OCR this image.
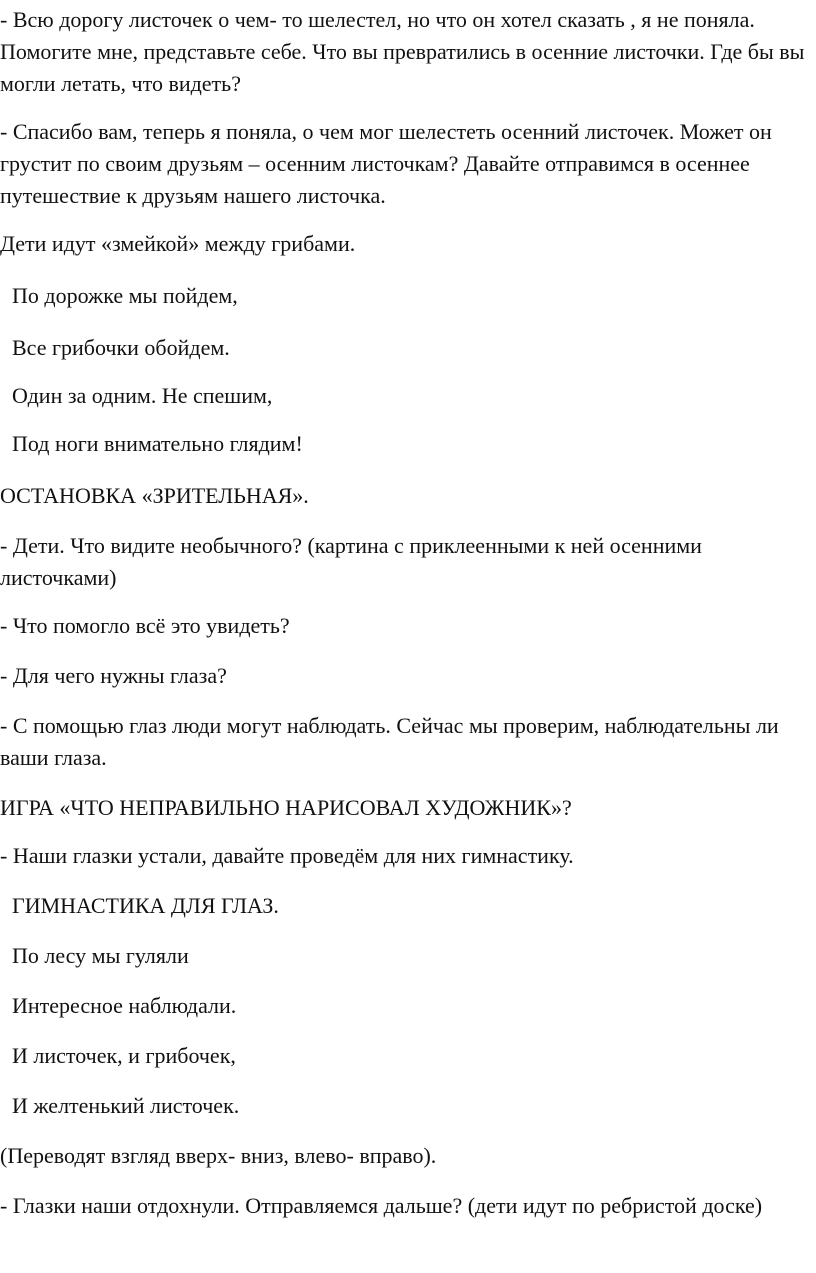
- Всю дорогу листочек о чем- то шелестел, но что он хотел сказать , я не поняла. Помогите мне, представьте себе. Что вы превратились в осенние листочки. Где бы вы могли летать, что видеть?

- Спасибо вам, теперь я поняла, о чем мог шелестеть осенний листочек. Может он грустит по своим друзьям – осенним листочкам? Давайте отправимся в осеннее путешествие к друзьям нашего листочка.

Дети идут «змейкой» между грибами.

По дорожке мы пойдем,

Все грибочки обойдем.

Один за одним. Не спешим,

Под ноги внимательно глядим!

ОСТАНОВКА «ЗРИТЕЛЬНАЯ».

- Дети. Что видите необычного? (картина с приклеенными к ней осенними листочками)

- Что помогло всё это увидеть?

- Для чего нужны глаза?

- С помощью глаз люди могут наблюдать. Сейчас мы проверим, наблюдательны ли ваши глаза.

ИГРА «ЧТО НЕПРАВИЛЬНО НАРИСОВАЛ ХУДОЖНИК»?

- Наши глазки устали, давайте проведём для них гимнастику.

ГИМНАСТИКА ДЛЯ ГЛАЗ.

По лесу мы гуляли

Интересное наблюдали.

И листочек, и грибочек,

И желтенький листочек.

(Переводят взгляд вверх- вниз, влево- вправо).

- Глазки наши отдохнули. Отправляемся дальше? (дети идут по ребристой доске)
